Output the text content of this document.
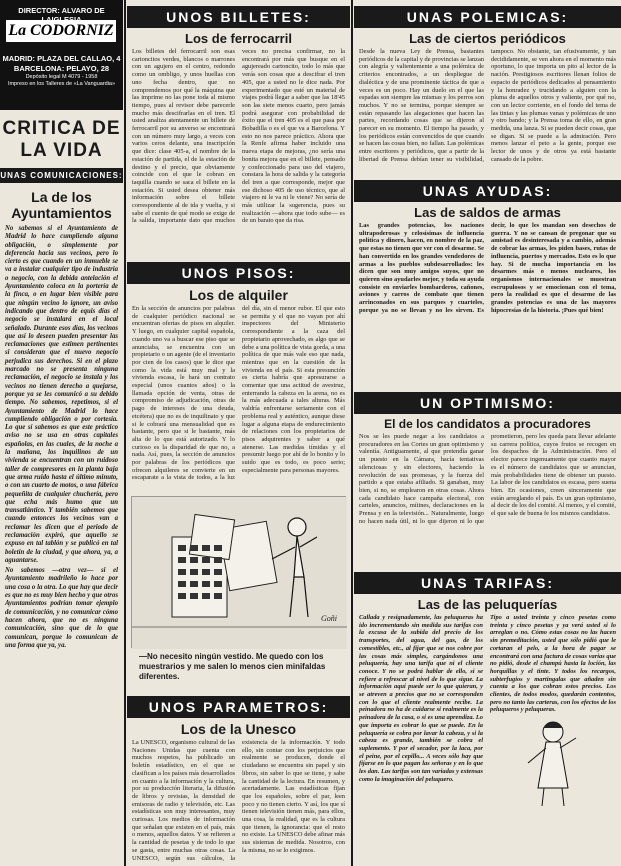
DIRECTOR: ALVARO DE
La CODORNIZ
MADRID: PLAZA DEL CALLAO, 4
BARCELONA: PELAYO, 28
Depósito legal M 4079 - 1958
Impreso en los Talleres de «La Vanguardia»
CRITICA DE LA VIDA
UNAS COMUNICACIONES:
La de los Ayuntamientos
No sabemos si el Ayuntamiento de Madrid lo hace cumpliendo alguna obligación, o simplemente por deferencia hacia sus vecinos, pero lo cierto es que cuando en un inmueble se va a instalar cualquier tipo de industria o negocio, con la debida antelación el Ayuntamiento coloca en la portería de la finca, o en lugar bien visible para que ningún vecino lo ignore, un aviso indicando que dentro de equis días el negocio se instalará en el local señalado. Durante esos días, los vecinos que así lo deseen pueden presentar las reclamaciones que estimen pertinentes si consideran que el nuevo negocio perjudica sus derechos. Si en el plazo marcado no se presenta ninguna reclamación, el negocio se instala y los vecinos no tienen derecho a quejarse, porque ya se les comunicó a su debido tiempo. No sabemos, repetimos, si el Ayuntamiento de Madrid lo hace cumpliendo obligación o por cortesía. Lo que sí sabemos es que este práctico aviso no se usa en otras capitales españolas, en las cuales, de la noche a la mañana, los inquilinos de un vivienda se encuentran con un ruidoso taller de compresores en la planta baja que arma ruido hasta el último minuto, o con un cuarto de motos, o una fábrica pequeñita de cualquier chuchería, pero que echa más humo que un transatlántico. Y también sabemos que cuando entonces los vecinos van a reclamar les dicen que el periodo de reclamación expiró, que aquello se expuso en tal tablón y se publicó en tal boletín de la ciudad, y que ahora, ya, a aguantarse.
No sabemos —otra vez— si el Ayuntamiento madrileño lo hace por una cosa o la otra. Lo que hay que decir es que no es muy bien hecho y que otros Ayuntamientos podrían tomar ejemplo de comunicación, y no comunicar cómo hacen ahora, que no es ninguna comunicación, sino que de lo que comunican, porque lo comunican de una forma que ya, ya.
UNOS BILLETES:
Los de ferrocarril
Los billetes del ferrocarril son esas cartoncitos verdes, blancos o marrones con un agujero en el centro, redondo como un ombligo, y unos huellas con uno fecha dentro, que no comprendemos por qué la máquina que las imprime no las pone toda al mismo tiempo, pues al revisor debe parecerle mucho más descifrarlas en el tren. El usted analiza atentamente un billete de ferrocarril por su anverso se encontrará con un número muy largo, a veces con varios ceros delante, una inscripción que dice: clase 405-a, el nombre de la estación de partida, el de la estación de destino y el precio, que obviamente coincide con el que le cobran en taquilla cuando se saca el billete en la estación. Si usted desea obtener más información sobre el billete correspondiente al de ida y vuelta, y si sabe el cuento de qué modo se exige de la salida, importante dato que muchos veces no precisa confirmar, no la encontrará por más que busque en el agujereado cartoncito, todo lo más que verás son cosas que a descifrar el tren 405, que a usted no le dice nada. Por experimentado que esté un material de viajes podrá llegar a saber que las 18'45 son las siete menos cuarto, pero jamás podrá asegurar con probabilidad de éxito que el tren 405 es el que pasa por Bobadilla o es el que va a Barcelona. Y esto no nos parece práctico. Ahora que la Renfe afirma haber incluido una nueva etapa de mejoras, ¿no sería una bonita mejora que en el billete, pensado y confeccionado para uso del viajero, constara la hora de salida y la categoría del tren a que corresponde, mejor que ese dichoso 405 de uso técnico, que al viajero ni le va ni le viene? No sería de más utilizar la sugerencia, pues su realización —ahora que todo sube— es de un barato que da risa.
UNOS PISOS:
Los de alquiler
En la sección de anuncios por palabras de cualquier periódico nacional se encuentran ofertas de pisos en alquiler. Y luego, en cualquier capital española, cuando uno va a buscar ese piso que se anunciaba, se encuentra con un propietario o un agente (de el inventario por cien de los casos) que le dice que como la vida está muy mal y la vivienda escasa, le hará un contrato especial (unos cuantos años) o la llamada opción de venta, otras de compromiso de adjudicación, otras de pago de intereses de una deuda, etcétera) que no es de inquilinato y que si le cobrará una mensualidad que es bastante, pero que si le bastante, más alta de lo que está autorizado. Y lo curioso es la disparidad de que no, a nada. Así, pues, la sección de anuncios por palabras de los periódicos que ofrecen alquileres se convierte en un escaparate a la vista de todos, a la luz del día, sin el menor rubor. El que esto se permita y el que no vayan por ahí inspectores del Ministerio correspondiente a la caza del propietario aprovechado, es algo que se debe a una política de vista gorda, a una política de que más vale eso que nada, mientras que en la cuestión de la vivienda en el país. Si esta presunción es cierta habría que apresurarse a comentar que una actitud de avestruz, enterrando la cabeza en la arena, no es la más adecuada a tales alturas. Más valdría enfrentarse seriamente con el problema real y auténtico, aunque diese lugar a alguna etapa de endurecimiento de relaciones con los propietarios de pisos adquirentes y saber a qué atenerse. Las medidas tímidas y el presumir luego por ahí de lo bonito y lo suido que es todo, es poco serio; especialmente para personas mayores.
Goñi
—No necesito ningún vestido. Me quedo con los muestrarios y me salen lo menos cien minifaldas diferentes.
UNOS PARAMETROS:
Los de la Unesco
La UNESCO, organismo cultural de las Naciones Unidas que cuenta con muchos respetos, ha publicado un boletín estadístico, en el que se clasifican a los países más desarrollados en cuanto a la información y la cultura, por su producción literaria, la difusión de libros y revistas, la densidad de emisoras de radio y televisión, etc. Las estadísticas son muy interesantes, muy curiosas. Los medios de información que señalan que existen en el país, más o menos, aquellos datos. Y se refieren a la cantidad de pesetas y de todo lo que se gasta, entre muchas otras cosas. La UNESCO, según sus cálculos, la existencia de la información. Y todo ello, sin contar con los perjuicios que realmente se producen, donde el ciudadano se encuentra sin papel y sin libros, sin saber lo que se tiene, y sabe la cantidad de la lectura. En resumen, y acertadamente. Las estadísticas fijan que los españoles, sobre el par, leen poco y no tienen cierto. Y así, los que sí tienen televisión tienen más, para ellos, una cosa, la realidad, que es la cultura que tienen, la ignorancia: que el resto no existe. La UNESCO debe afinar más sus sistemas de medida. Nosotros, con la misma, no se lo exigimos.
UNAS POLEMICAS:
Las de ciertos periódicos
Desde la nueva Ley de Prensa, bastantes periódicos de la capital y de provincias se lanzan con alegría y valientemente a una polémica de criterios encontrados, a un despliegue de dialéctica y de una prominente táctica de que a veces es un poco. Hay un duelo en el que las espadas son siempre las mismas y los perros son muchos. Y no se termina, porque siempre se están repasando las alegaciones que hacen las partes, recordando cosas que se dijeron al parecer en su momento. El tiempo ha pasado, y los periódicos están convencidos de que cuando se hacen las cosas bien, no fallan. Las polémicas entre escritores y periódicos, que a partir de la libertad de Prensa debían tener su visibilidad, tampoco. No obstante, tan efusivamente, y tan decididamente, se ven ahora en el momento más oportuno, lo que importa un pito al lector de la nación. Prestigiosos escritores llenan folios de espacio de periódicos dedicados al pensamiento y la honradez y trucidando a alguien con la pluma de aquellos otros y valiente, por qué no, con un lector corriente, en el fondo del tema de las tintas y las plumas vanas y polémicas de uno y otro bando; y la Prensa toma de ello, en gran medida, una lanza. Si se pueden decir cosas, que se digan. Si se puede a la admiración. Pero menos lanzar el peto a la gente, porque ese lector de unos y de otros ya está bastante cansado de la pobre.
UNAS AYUDAS:
Las de saldos de armas
Las grandes potencias, los naciones ultrapoderosas y celosísimas de influencia política y dinero, hacen, en nombre de la paz, que estas no tienen que ver con el desarme. Se han convertido en los grandes vendedores de armas a los pueblos subdesarrollados: les dicen que son muy amigos suyos, que no quieren sino ayudarles mejor, y toda su ayuda consiste en enviarles bombarderos, cañones, aviones y carros de combate que tienen arrinconados en sus parques y cuarteles, porque ya no se llevan y no les sirven. Es decir, lo que les mandan son desechos de guerra. Y no se cansan de pregonar que su amistad es desinteresada y a cambio, además de cobrar las armas, les piden bases, rutas de influencia, puertos y mercados. Esto es lo que hay. Si de mucha importancia en los desarmes más o menos nucleares, los organismos internacionales se muestran escrupulosos y se emocionan con el tema, pero la realidad es que el desarme de las grandes potencias es una de las mayores hipocresías de la historia. ¡Pues qué bien!
UN OPTIMISMO:
El de los candidatos a procuradores
Nos se les puede negar a los candidatos a procuradores en las Cortes un gran optimismo y valentía. Antiguamente, al que pretendía ganar un puesto en la Cámara, hacía tentativas silenciosas y sin electores, haciendo la revolución de sus promesas, y la fuerza del partido a que estaba afiliado. Si ganaban, muy bien, si no, se emplearon en otras cosas. Ahora cada candidato hace campaña electoral, con carteles, anuncios, mítines, declaraciones en la Prensa y en la televisión... Naturalmente, luego no hacen nada útil, ni lo que dijeron ni lo que prometieron, pero les queda para llevar adelante su carrera política, cuyos frutos se recogen en los despachos de la Administración. Pero el elector parece ingenuamente que cuanto mayor es el número de candidatos que se anuncian, más probabilidades tiene de obtener un puesto. La labor de los candidatos es escasa, pero suena bien. En ocasiones, creen sinceramente que están arreglando el país. Es un gran optimismo, al decir de los del comité. Al menos, y el comité, el que sale de buena fe los mismos candidatos.
UNAS TARIFAS:
Las de las peluquerías
Callada y resignadamente, las peluqueras ha ido incrementando sin medida sus tarifas con la excusa de la subida del precio de los transportes, del agua, del gas, de los comestibles, etc., al fijar que se nos cobre por las cosas más simples, cargándonos una peluquería, hay una tarifa que ni el cliente conoce. Y no se podrá hablar de ello, si se refiere a refrescar al nivel de lo que sigue. La información aquí puede ser lo que quieran, y se atreven a precios que no se corresponden con lo que el cliente realmente recibe. La peinadora no ha de cuidarse si realmente es la peinadora de la casa, o si es una aprendiza. Lo que importa es cobrar lo que se puede. En la peluquería se cobra por lavar la cabeza, y si la cabeza es grande, también se cobra el suplemento. Y por el secador, por la laca, por el peine, por el cepillo... A veces sólo hay que fijarse en lo que pagan las señoras y en lo que les dan. Las tarifas son tan variadas y extensas como la imaginación del peluquero.
Tipo a usted treinta y cinco pesetas como treinta y cinco pesetas y ya verá usted si lo arreglan o no. Cómo estas cosas no las hacen sin premeditación, usted que sólo pidió que le cortaran el pelo, a la hora de pagar se encontrará con una factura de cosas varias que no pidió, desde el champú hasta la loción, las horquillas y el tinte. Y todos los recargos, subterfugios y martingalas que añaden sin cuenta a los que cobran estos precios. Los clientes, de todos modos, quedarán contentos, pero no tanto las carteras, con los efectos de los peluqueros y peluqueras.
